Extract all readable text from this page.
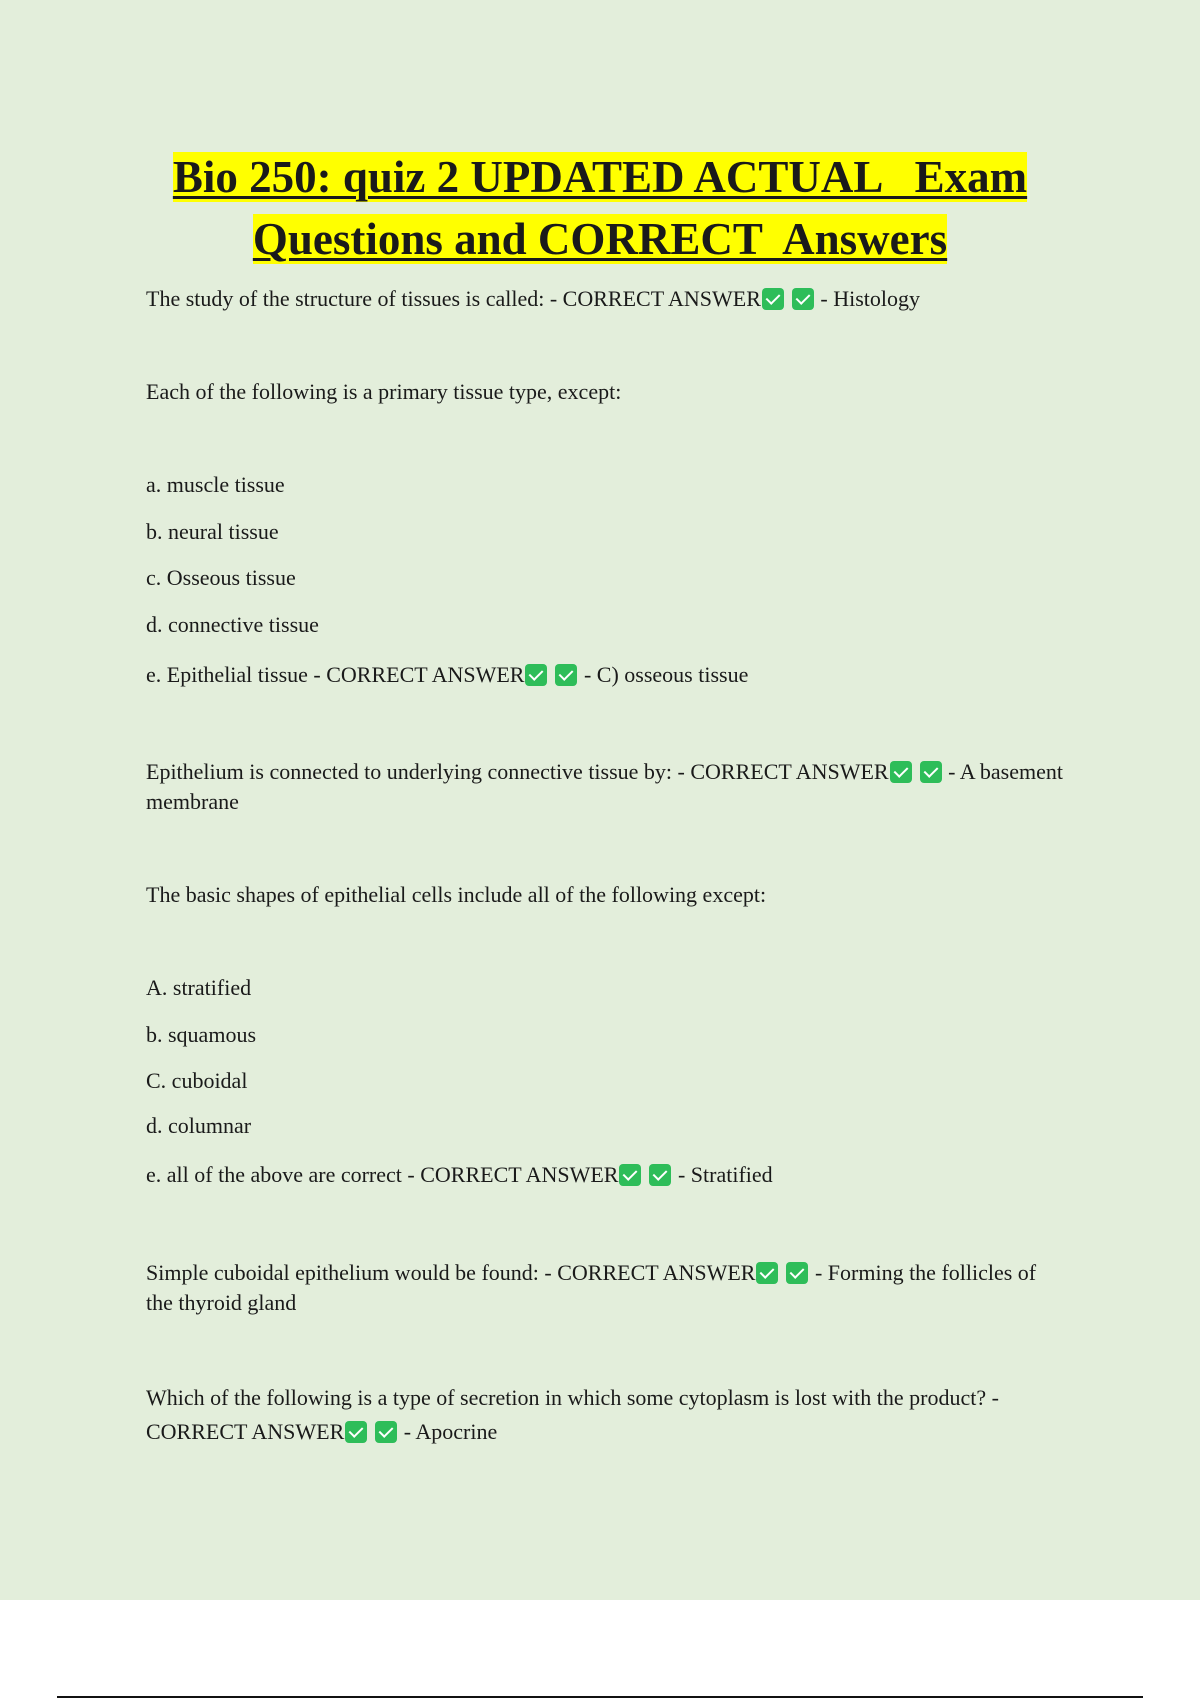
Bio 250: quiz 2 UPDATED ACTUAL   Exam
Questions and CORRECT  Answers
The study of the structure of tissues is called: - CORRECT ANSWER	- Histology
Each of the following is a primary tissue type, except:
a. muscle tissue
b. neural tissue
c. Osseous tissue
d. connective tissue
e. Epithelial tissue - CORRECT ANSWER	- C) osseous tissue
Epithelium is connected to underlying connective tissue by: - CORRECT ANSWER	- A basement membrane
The basic shapes of epithelial cells include all of the following except:
A. stratified
b. squamous
C. cuboidal
d. columnar
e. all of the above are correct - CORRECT ANSWER	- Stratified
Simple cuboidal epithelium would be found: - CORRECT ANSWER	- Forming the follicles of the thyroid gland
Which of the following is a type of secretion in which some cytoplasm is lost with the product? - CORRECT ANSWER	- Apocrine
